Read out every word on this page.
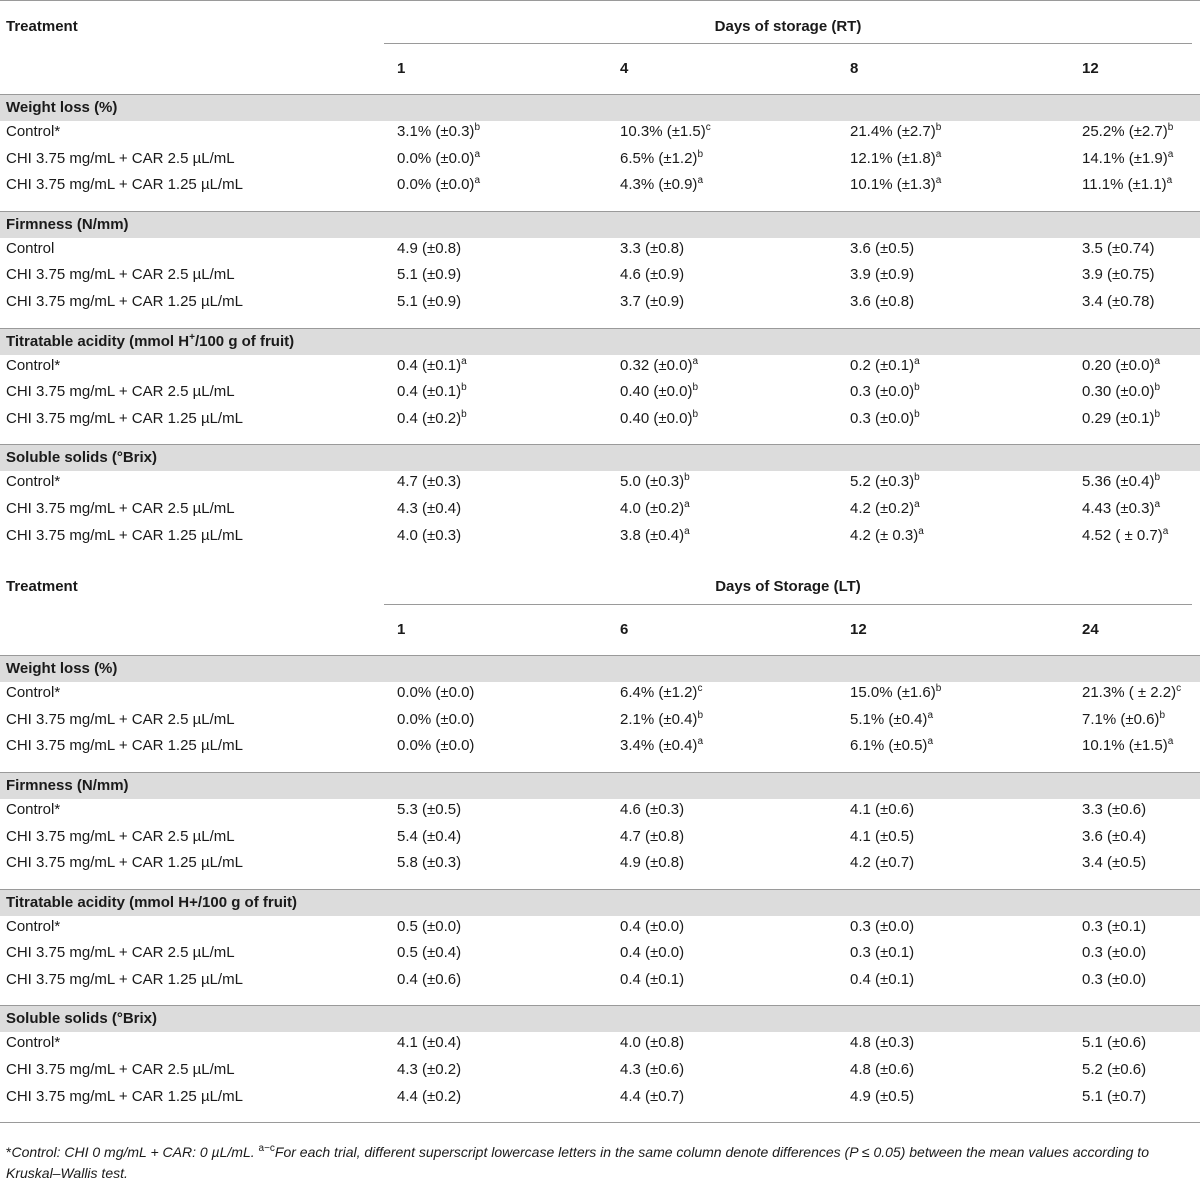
Treatment	Days of storage (RT)
1	4	8	12
Weight loss (%)
Control*	3.1% $(\pm 0.3)^b$	10.3% $(\pm 1.5)^c$	21.4% $(\pm 2.7)^b$	25.2% $(\pm 2.7)^b$
CHI 3.75 mg/mL + CAR 2.5 µL/mL	0.0% $(\pm 0.0)^a$	6.5% $(\pm 1.2)^b$	12.1% $(\pm 1.8)^a$	14.1% $(\pm 1.9)^a$
CHI 3.75 mg/mL + CAR 1.25 µL/mL	0.0% $(\pm 0.0)^a$	4.3% $(\pm 0.9)^a$	10.1% $(\pm 1.3)^a$	11.1% $(\pm 1.1)^a$
Firmness (N/mm)
Control	4.9 (±0.8)	3.3 (±0.8)	3.6 (±0.5)	3.5 (±0.74)
CHI 3.75 mg/mL + CAR 2.5 µL/mL	5.1 (±0.9)	4.6 (±0.9)	3.9 (±0.9)	3.9 (±0.75)
CHI 3.75 mg/mL + CAR 1.25 µL/mL	5.1 (±0.9)	3.7 (±0.9)	3.6 (±0.8)	3.4 (±0.78)
Titratable acidity (mmol H+/100 g of fruit)
Control*	0.4 $(\pm 0.1)^a$	0.32 $(\pm 0.0)^a$	0.2 $(\pm 0.1)^a$	0.20 $(\pm 0.0)^a$
CHI 3.75 mg/mL + CAR 2.5 µL/mL	0.4 $(\pm 0.1)^b$	0.40 $(\pm 0.0)^b$	0.3 $(\pm 0.0)^b$	0.30 $(\pm 0.0)^b$
CHI 3.75 mg/mL + CAR 1.25 µL/mL	0.4 $(\pm 0.2)^b$	0.40 $(\pm 0.0)^b$	0.3 $(\pm 0.0)^b$	0.29 $(\pm 0.1)^b$
Soluble solids (°Brix)
Control*	4.7 (±0.3)	5.0 $(\pm 0.3)^b$	5.2 $(\pm 0.3)^b$	5.36 $(\pm 0.4)^b$
CHI 3.75 mg/mL + CAR 2.5 µL/mL	4.3 (±0.4)	4.0 $(\pm 0.2)^a$	4.2 $(\pm 0.2)^a$	4.43 $(\pm 0.3)^a$
CHI 3.75 mg/mL + CAR 1.25 µL/mL	4.0 (±0.3)	3.8 $(\pm 0.4)^a$	4.2 (± 0.3)$^a$	4.52 ( ± 0.7)$^a$
Treatment	Days of Storage (LT)
1	6	12	24
Weight loss (%)
Control*	0.0% (±0.0)	6.4% $(\pm 1.2)^c$	15.0% $(\pm 1.6)^b$	21.3% ( ± 2.2)$^c$
CHI 3.75 mg/mL + CAR 2.5 µL/mL	0.0% (±0.0)	2.1% $(\pm 0.4)^b$	5.1% $(\pm 0.4)^a$	7.1% $(\pm 0.6)^b$
CHI 3.75 mg/mL + CAR 1.25 µL/mL	0.0% (±0.0)	3.4% $(\pm 0.4)^a$	6.1% $(\pm 0.5)^a$	10.1% $(\pm 1.5)^a$
Firmness (N/mm)
Control*	5.3 (±0.5)	4.6 (±0.3)	4.1 (±0.6)	3.3 (±0.6)
CHI 3.75 mg/mL + CAR 2.5 µL/mL	5.4 (±0.4)	4.7 (±0.8)	4.1 (±0.5)	3.6 (±0.4)
CHI 3.75 mg/mL + CAR 1.25 µL/mL	5.8 (±0.3)	4.9 (±0.8)	4.2 (±0.7)	3.4 (±0.5)
Titratable acidity (mmol H+/100 g of fruit)
Control*	0.5 (±0.0)	0.4 (±0.0)	0.3 (±0.0)	0.3 (±0.1)
CHI 3.75 mg/mL + CAR 2.5 µL/mL	0.5 (±0.4)	0.4 (±0.0)	0.3 (±0.1)	0.3 (±0.0)
CHI 3.75 mg/mL + CAR 1.25 µL/mL	0.4 (±0.6)	0.4 (±0.1)	0.4 (±0.1)	0.3 (±0.0)
Soluble solids (°Brix)
Control*	4.1 (±0.4)	4.0 (±0.8)	4.8 (±0.3)	5.1 (±0.6)
CHI 3.75 mg/mL + CAR 2.5 µL/mL	4.3 (±0.2)	4.3 (±0.6)	4.8 (±0.6)	5.2 (±0.6)
CHI 3.75 mg/mL + CAR 1.25 µL/mL	4.4 (±0.2)	4.4 (±0.7)	4.9 (±0.5)	5.1 (±0.7)
*Control: CHI 0 mg/mL + CAR: 0 µL/mL. $^{a-c}$For each trial, different superscript lowercase letters in the same column denote differences (P ≤ 0.05) between the mean values according to Kruskal–Wallis test.
